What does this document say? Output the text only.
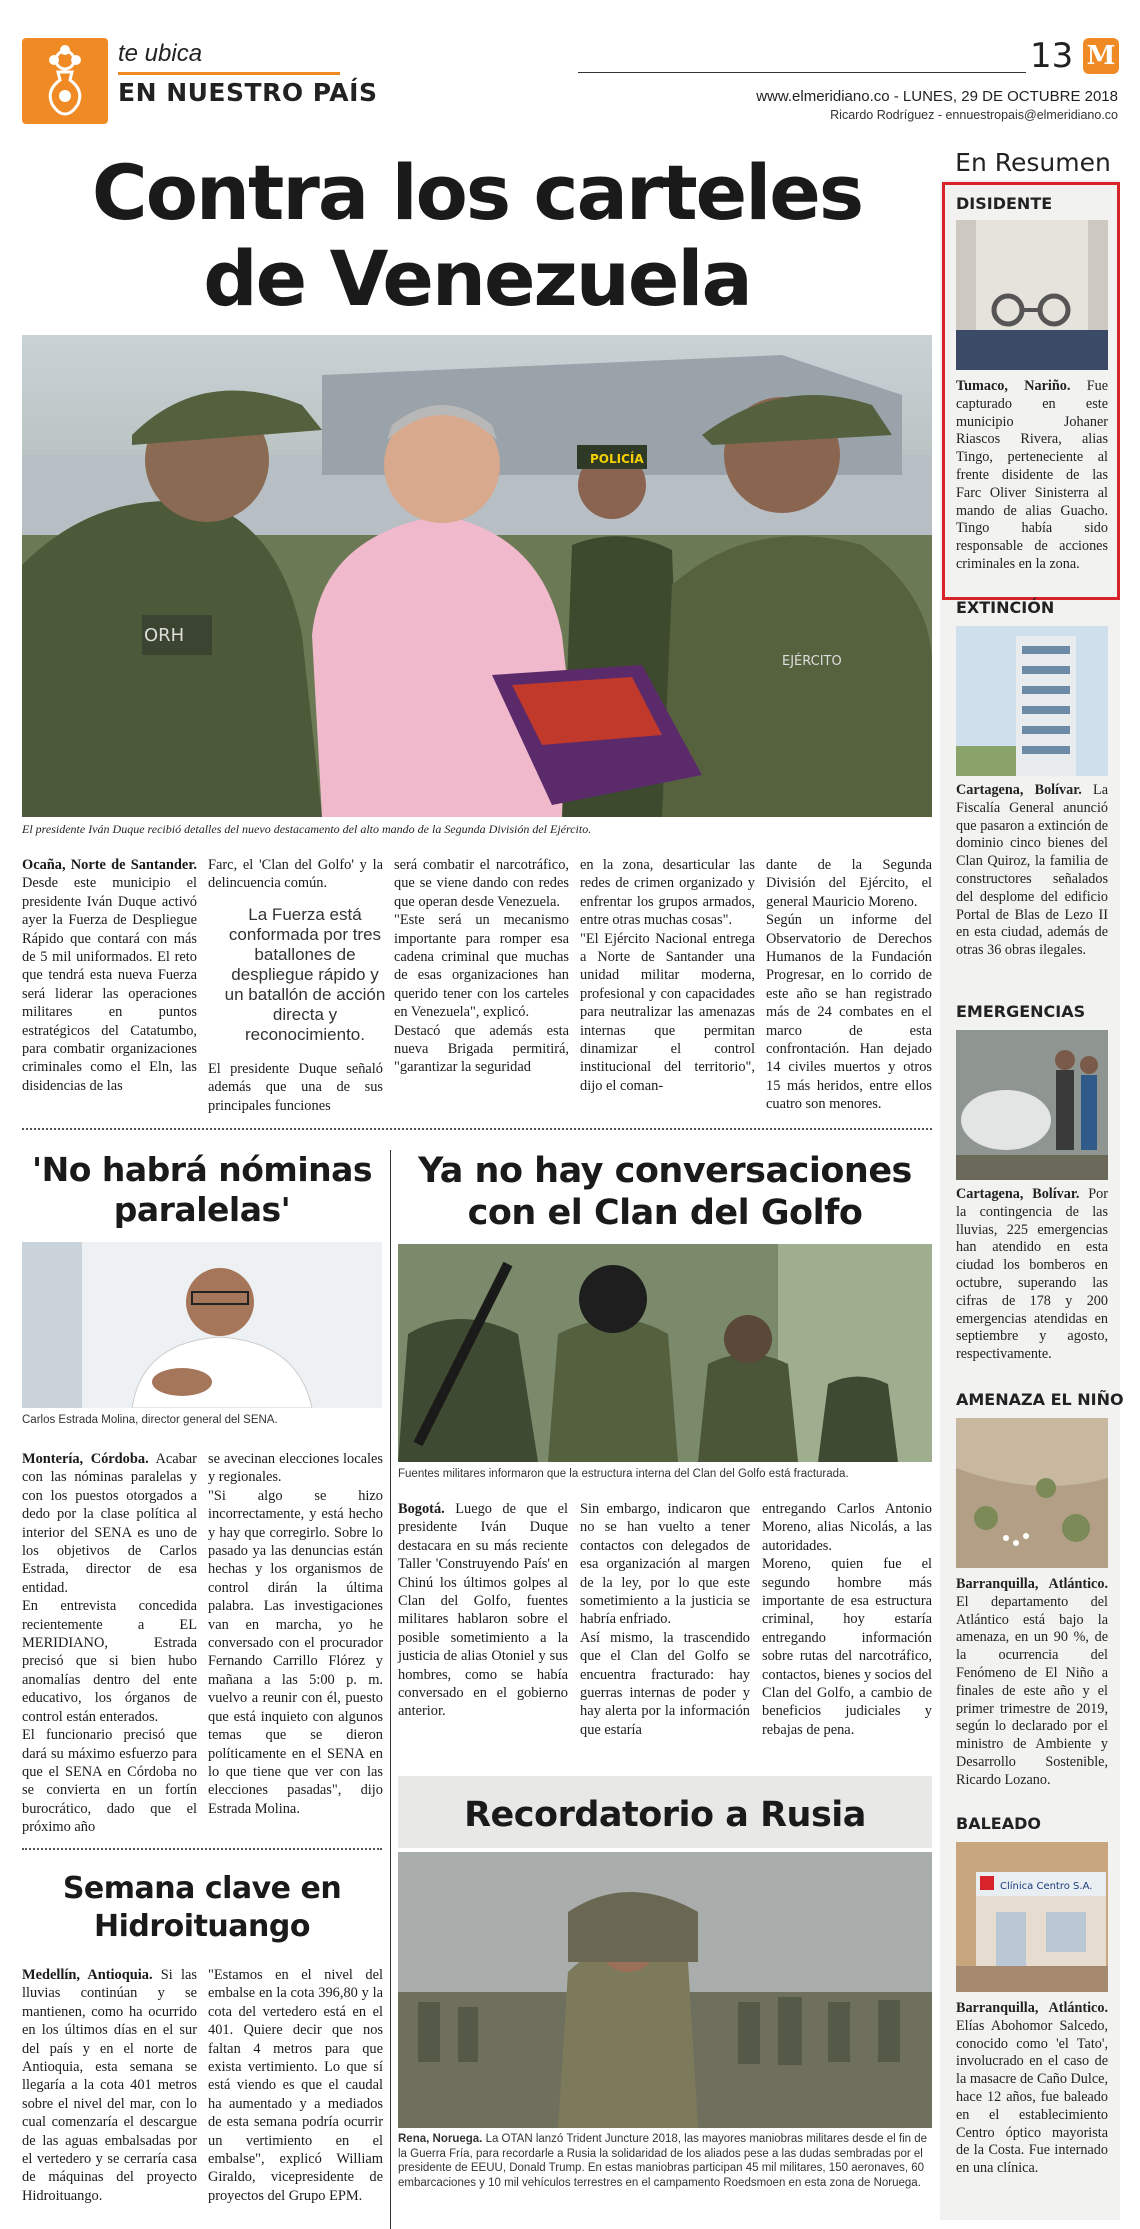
te ubica
EN NUESTRO PAÍS
13 M
www.elmeridiano.co - LUNES, 29 DE OCTUBRE 2018
Ricardo Rodríguez - ennuestropais@elmeridiano.co
Contra los carteles
de Venezuela
ORH
POLICÍA
EJÉRCITO
El presidente Iván Duque recibió detalles del nuevo destacamento del alto mando de la Segunda División del Ejército.
Ocaña, Norte de Santander. Desde este municipio el presidente Iván Duque activó ayer la Fuerza de Despliegue Rápido que contará con más de 5 mil uniformados. El reto que tendrá esta nueva Fuerza será liderar las operaciones militares en puntos estratégicos del Catatumbo, para combatir organizaciones criminales como el Eln, las disidencias de las
Farc, el 'Clan del Golfo' y la delincuencia común.
La Fuerza está conformada por tres batallones de despliegue rápido y un batallón de acción directa y reconocimiento.
El presidente Duque señaló además que una de sus principales funciones
será combatir el narcotráfico, que se viene dando con redes que operan desde Venezuela.
"Este será un mecanismo importante para romper esa cadena criminal que muchas de esas organizaciones han querido tener con los carteles en Venezuela", explicó.
Destacó que además esta nueva Brigada permitirá, "garantizar la seguridad
en la zona, desarticular las redes de crimen organizado y enfrentar los grupos armados, entre otras muchas cosas".
"El Ejército Nacional entrega a Norte de Santander una unidad militar moderna, profesional y con capacidades para neutralizar las amenazas internas que permitan dinamizar el control institucional del territorio", dijo el coman-
dante de la Segunda División del Ejército, el general Mauricio Moreno.
Según un informe del Observatorio de Derechos Humanos de la Fundación Progresar, en lo corrido de este año se han registrado más de 24 combates en el marco de esta confrontación. Han dejado 14 civiles muertos y otros 15 más heridos, entre ellos cuatro son menores.
'No habrá nóminas
paralelas'
Carlos Estrada Molina, director general del SENA.
Montería, Córdoba. Acabar con las nóminas paralelas y con los puestos otorgados a dedo por la clase política al interior del SENA es uno de los objetivos de Carlos Estrada, director de esa entidad.
En entrevista concedida recientemente a EL MERIDIANO, Estrada precisó que si bien hubo anomalías dentro del ente educativo, los órganos de control están enterados.
El funcionario precisó que dará su máximo esfuerzo para que el SENA en Córdoba no se convierta en un fortín burocrático, dado que el próximo año
se avecinan elecciones locales y regionales.
"Si algo se hizo incorrectamente, y está hecho y hay que corregirlo. Sobre lo pasado ya las denuncias están hechas y los organismos de control dirán la última palabra. Las investigaciones van en marcha, yo he conversado con el procurador Fernando Carrillo Flórez y mañana a las 5:00 p. m. vuelvo a reunir con él, puesto que está inquieto con algunos temas que se dieron políticamente en el SENA en lo que tiene que ver con las elecciones pasadas", dijo Estrada Molina.
Ya no hay conversaciones
con el Clan del Golfo
Fuentes militares informaron que la estructura interna del Clan del Golfo está fracturada.
Bogotá. Luego de que el presidente Iván Duque destacara en su más reciente Taller 'Construyendo País' en Chinú los últimos golpes al Clan del Golfo, fuentes militares hablaron sobre el posible sometimiento a la justicia de alias Otoniel y sus hombres, como se había conversado en el gobierno anterior.
Sin embargo, indicaron que no se han vuelto a tener contactos con delegados de esa organización al margen de la ley, por lo que este sometimiento a la justicia se habría enfriado.
Así mismo, la trascendido que el Clan del Golfo se encuentra fracturado: hay guerras internas de poder y hay alerta por la información que estaría
entregando Carlos Antonio Moreno, alias Nicolás, a las autoridades.
Moreno, quien fue el segundo hombre más importante de esa estructura criminal, hoy estaría entregando información sobre rutas del narcotráfico, contactos, bienes y socios del Clan del Golfo, a cambio de beneficios judiciales y rebajas de pena.
Semana clave en
Hidroituango
Medellín, Antioquia. Si las lluvias continúan y se mantienen, como ha ocurrido en los últimos días en el sur del país y en el norte de Antioquia, esta semana se llegaría a la cota 401 metros sobre el nivel del mar, con lo cual comenzaría el descargue de las aguas embalsadas por el vertedero y se cerraría casa de máquinas del proyecto Hidroituango.
"Estamos en el nivel del embalse en la cota 396,80 y la cota del vertedero está en el 401. Quiere decir que nos faltan 4 metros para que exista vertimiento. Lo que sí está viendo es que el caudal ha aumentado y a mediados de esta semana podría ocurrir un vertimiento en el embalse", explicó William Giraldo, vicepresidente de proyectos del Grupo EPM.
Recordatorio a Rusia
Rena, Noruega. La OTAN lanzó Trident Juncture 2018, las mayores maniobras militares desde el fin de la Guerra Fría, para recordarle a Rusia la solidaridad de los aliados pese a las dudas sembradas por el presidente de EEUU, Donald Trump. En estas maniobras participan 45 mil militares, 150 aeronaves, 60 embarcaciones y 10 mil vehículos terrestres en el campamento Roedsmoen en esta zona de Noruega.
En Resumen
DISIDENTE
Tumaco, Nariño. Fue capturado en este municipio Johaner Riascos Rivera, alias Tingo, perteneciente al frente disidente de las Farc Oliver Sinisterra al mando de alias Guacho. Tingo había sido responsable de acciones criminales en la zona.
EXTINCIÓN
Cartagena, Bolívar. La Fiscalía General anunció que pasaron a extinción de dominio cinco bienes del Clan Quiroz, la familia de constructores señalados del desplome del edificio Portal de Blas de Lezo II en esta ciudad, además de otras 36 obras ilegales.
EMERGENCIAS
Cartagena, Bolívar. Por la contingencia de las lluvias, 225 emergencias han atendido en esta ciudad los bomberos en octubre, superando las cifras de 178 y 200 emergencias atendidas en septiembre y agosto, respectivamente.
AMENAZA EL NIÑO
Barranquilla, Atlántico. El departamento del Atlántico está bajo la amenaza, en un 90 %, de la ocurrencia del Fenómeno de El Niño a finales de este año y el primer trimestre de 2019, según lo declarado por el ministro de Ambiente y Desarrollo Sostenible, Ricardo Lozano.
BALEADO
Clínica Centro S.A.
Barranquilla, Atlántico. Elías Abohomor Salcedo, conocido como 'el Tato', involucrado en el caso de la masacre de Caño Dulce, hace 12 años, fue baleado en el establecimiento Centro óptico mayorista de la Costa. Fue internado en una clínica.
